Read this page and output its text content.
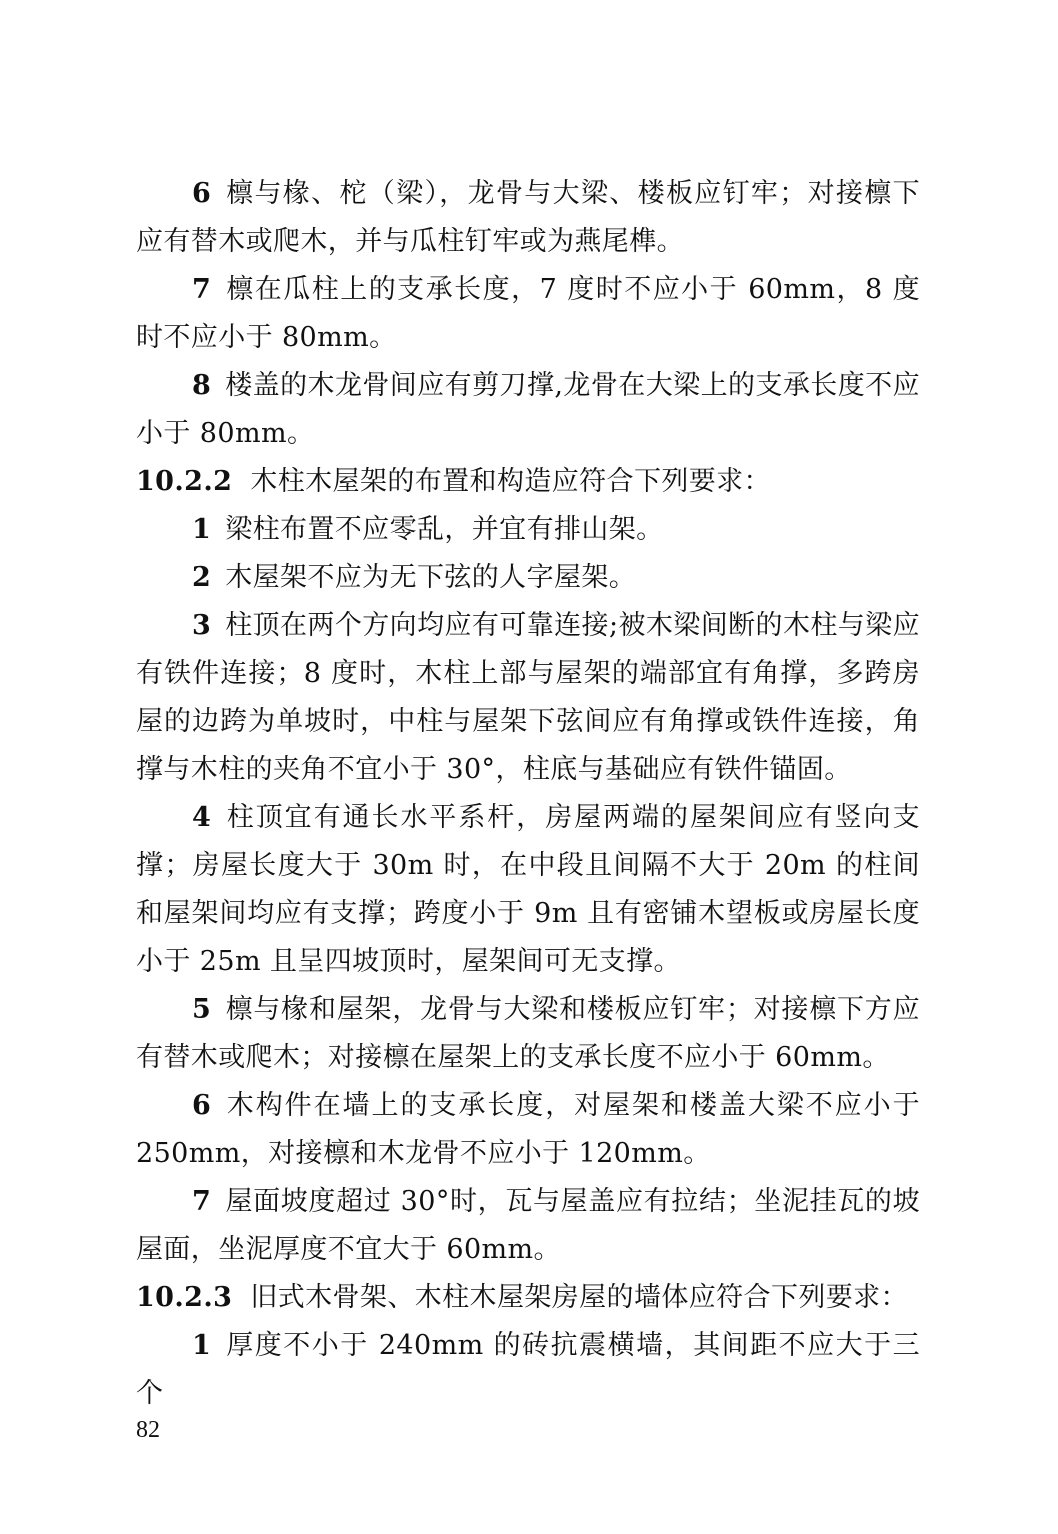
6 檩与椽、柁（梁），龙骨与大梁、楼板应钉牢；对接檩下应有替木或爬木，并与瓜柱钉牢或为燕尾榫。

7 檩在瓜柱上的支承长度，7 度时不应小于 60mm，8 度时不应小于 80mm。

8 楼盖的木龙骨间应有剪刀撑,龙骨在大梁上的支承长度不应小于 80mm。

10.2.2 木柱木屋架的布置和构造应符合下列要求：

1 梁柱布置不应零乱，并宜有排山架。

2 木屋架不应为无下弦的人字屋架。

3 柱顶在两个方向均应有可靠连接;被木梁间断的木柱与梁应有铁件连接；8 度时，木柱上部与屋架的端部宜有角撑，多跨房屋的边跨为单坡时，中柱与屋架下弦间应有角撑或铁件连接，角撑与木柱的夹角不宜小于 30°，柱底与基础应有铁件锚固。

4 柱顶宜有通长水平系杆，房屋两端的屋架间应有竖向支撑；房屋长度大于 30m 时，在中段且间隔不大于 20m 的柱间和屋架间均应有支撑；跨度小于 9m 且有密铺木望板或房屋长度小于 25m 且呈四坡顶时，屋架间可无支撑。

5 檩与椽和屋架，龙骨与大梁和楼板应钉牢；对接檩下方应有替木或爬木；对接檩在屋架上的支承长度不应小于 60mm。

6 木构件在墙上的支承长度，对屋架和楼盖大梁不应小于250mm，对接檩和木龙骨不应小于 120mm。

7 屋面坡度超过 30°时，瓦与屋盖应有拉结；坐泥挂瓦的坡屋面，坐泥厚度不宜大于 60mm。

10.2.3 旧式木骨架、木柱木屋架房屋的墙体应符合下列要求：

1 厚度不小于 240mm 的砖抗震横墙，其间距不应大于三个

82
